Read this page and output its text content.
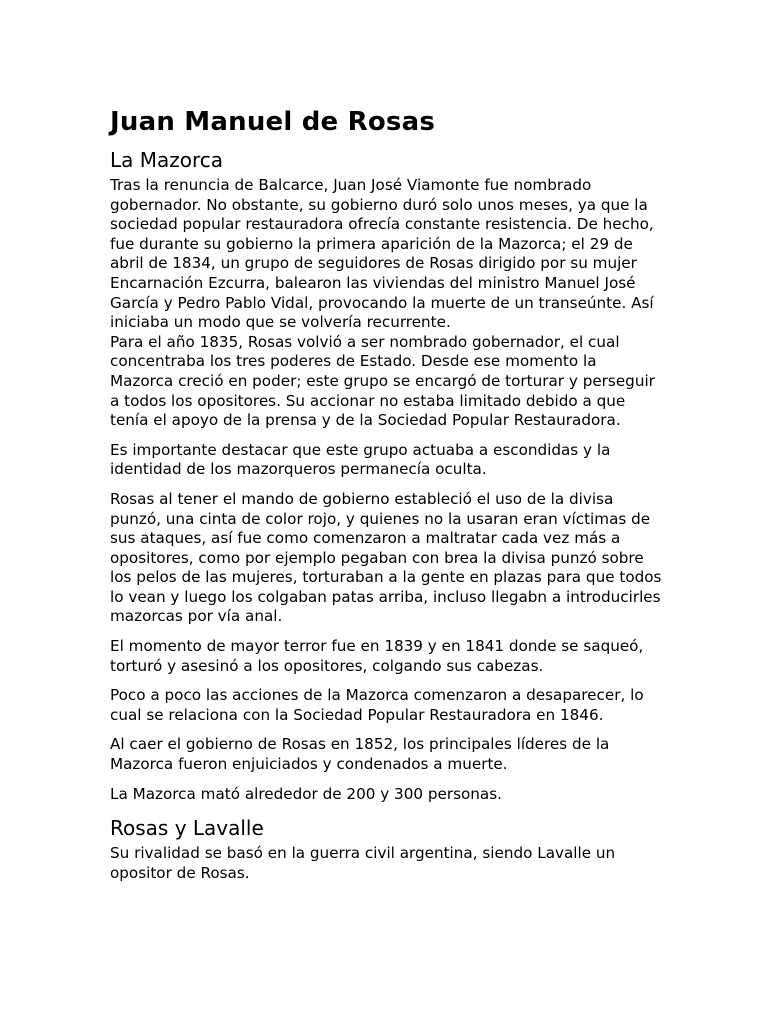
Juan Manuel de Rosas
La Mazorca

Tras la renuncia de Balcarce, Juan José Viamonte fue nombrado gobernador. No obstante, su gobierno duró solo unos meses, ya que la sociedad popular restauradora ofrecía constante resistencia. De hecho, fue durante su gobierno la primera aparición de la Mazorca; el 29 de abril de 1834, un grupo de seguidores de Rosas dirigido por su mujer Encarnación Ezcurra, balearon las viviendas del ministro Manuel José García y Pedro Pablo Vidal, provocando la muerte de un transeúnte. Así iniciaba un modo que se volvería recurrente.

Para el año 1835, Rosas volvió a ser nombrado gobernador, el cual concentraba los tres poderes de Estado. Desde ese momento la Mazorca creció en poder; este grupo se encargó de torturar y perseguir a todos los opositores. Su accionar no estaba limitado debido a que tenía el apoyo de la prensa y de la Sociedad Popular Restauradora.

Es importante destacar que este grupo actuaba a escondidas y la identidad de los mazorqueros permanecía oculta.

Rosas al tener el mando de gobierno estableció el uso de la divisa punzó, una cinta de color rojo, y quienes no la usaran eran víctimas de sus ataques, así fue como comenzaron a maltratar cada vez más a opositores, como por ejemplo pegaban con brea la divisa punzó sobre los pelos de las mujeres, torturaban a la gente en plazas para que todos lo vean y luego los colgaban patas arriba, incluso llegabn a introducirles mazorcas por vía anal.

El momento de mayor terror fue en 1839 y en 1841 donde se saqueó, torturó y asesinó a los opositores, colgando sus cabezas.

Poco a poco las acciones de la Mazorca comenzaron a desaparecer, lo cual se relaciona con la Sociedad Popular Restauradora en 1846.

Al caer el gobierno de Rosas en 1852, los principales líderes de la Mazorca fueron enjuiciados y condenados a muerte.

La Mazorca mató alrededor de 200 y 300 personas.

Rosas y Lavalle

Su rivalidad se basó en la guerra civil argentina, siendo Lavalle un opositor de Rosas.
